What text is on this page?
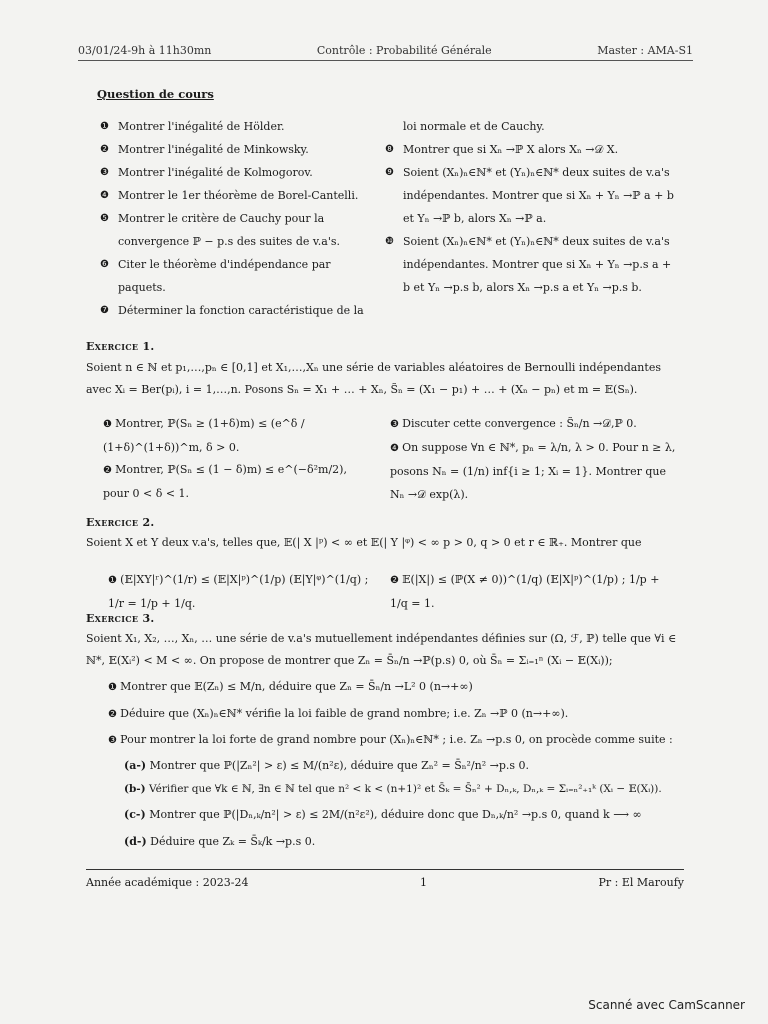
03/01/24-9h à 11h30mn	Contrôle : Probabilité Générale	Master : AMA-S1
Question de cours
❶ Montrer l'inégalité de Hölder.
❷ Montrer l'inégalité de Minkowsky.
❸ Montrer l'inégalité de Kolmogorov.
❹ Montrer le 1er théorème de Borel-Cantelli.
❺ Montrer le critère de Cauchy pour la convergence ℙ − p.s des suites de v.a's.
❻ Citer le théorème d'indépendance par paquets.
❼ Déterminer la fonction caractéristique de la
loi normale et de Cauchy.
❽ Montrer que si Xₙ →ℙ X alors Xₙ →𝒟 X.
❾ Soient (Xₙ)ₙ∈ℕ* et (Yₙ)ₙ∈ℕ* deux suites de v.a's indépendantes. Montrer que si Xₙ + Yₙ →ℙ a + b et Yₙ →ℙ b, alors Xₙ →ℙ a.
❿ Soient (Xₙ)ₙ∈ℕ* et (Yₙ)ₙ∈ℕ* deux suites de v.a's indépendantes. Montrer que si Xₙ + Yₙ →p.s a + b et Yₙ →p.s b, alors Xₙ →p.s a et Yₙ →p.s b.
Exercice 1.
Soient n ∈ ℕ et p₁,…,pₙ ∈ [0,1] et X₁,…,Xₙ une série de variables aléatoires de Bernoulli indépendantes avec Xᵢ = Ber(pᵢ), i = 1,…,n. Posons Sₙ = X₁ + … + Xₙ, S̃ₙ = (X₁ − p₁) + … + (Xₙ − pₙ) et m = 𝔼(Sₙ).
❶ Montrer, ℙ(Sₙ ≥ (1+δ)m) ≤ (e^δ / (1+δ)^(1+δ))^m, δ > 0.
❷ Montrer, ℙ(Sₙ ≤ (1 − δ)m) ≤ e^(−δ²m/2), pour 0 < δ < 1.
❸ Discuter cette convergence : S̃ₙ/n →𝒟,ℙ 0.
❹ On suppose ∀n ∈ ℕ*, pₙ = λ/n, λ > 0. Pour n ≥ λ, posons Nₙ = (1/n) inf{i ≥ 1; Xᵢ = 1}. Montrer que Nₙ →𝒟 exp(λ).
Exercice 2.
Soient X et Y deux v.a's, telles que, 𝔼(| X |ᵖ) < ∞ et 𝔼(| Y |ᵠ) < ∞ p > 0, q > 0 et r ∈ ℝ₊. Montrer que
❶ (𝔼|XY|ʳ)^(1/r) ≤ (𝔼|X|ᵖ)^(1/p) (𝔼|Y|ᵠ)^(1/q) ; 1/r = 1/p + 1/q.
❷ 𝔼(|X|) ≤ (ℙ(X ≠ 0))^(1/q) (𝔼|X|ᵖ)^(1/p) ; 1/p + 1/q = 1.
Exercice 3.
Soient X₁, X₂, …, Xₙ, … une série de v.a's mutuellement indépendantes définies sur (Ω, ℱ, ℙ) telle que ∀i ∈ ℕ*, 𝔼(Xᵢ²) < M < ∞. On propose de montrer que Zₙ = S̄ₙ/n →ℙ(p.s) 0, où S̄ₙ = Σᵢ₌₁ⁿ (Xᵢ − 𝔼(Xᵢ));
❶ Montrer que 𝔼(Zₙ) ≤ M/n, déduire que Zₙ = S̄ₙ/n →L² 0 (n→+∞)
❷ Déduire que (Xₙ)ₙ∈ℕ* vérifie la loi faible de grand nombre; i.e. Zₙ →ℙ 0 (n→+∞).
❸ Pour montrer la loi forte de grand nombre pour (Xₙ)ₙ∈ℕ* ; i.e. Zₙ →p.s 0, on procède comme suite :
(a-) Montrer que ℙ(|Zₙ²| > ε) ≤ M/(n²ε), déduire que Zₙ² = S̄ₙ²/n² →p.s 0.
(b-) Vérifier que ∀k ∈ ℕ, ∃n ∈ ℕ tel que n² < k < (n+1)² et S̄ₖ = S̄ₙ² + Dₙ,ₖ, Dₙ,ₖ = Σᵢ₌ₙ²₊₁ᵏ (Xᵢ − 𝔼(Xᵢ)).
(c-) Montrer que ℙ(|Dₙ,ₖ/n²| > ε) ≤ 2M/(n²ε²), déduire donc que Dₙ,ₖ/n² →p.s 0, quand k ⟶ ∞
(d-) Déduire que Zₖ = S̄ₖ/k →p.s 0.
Année académique : 2023-24	1	Pr : El Maroufy
Scanné avec CamScanner
